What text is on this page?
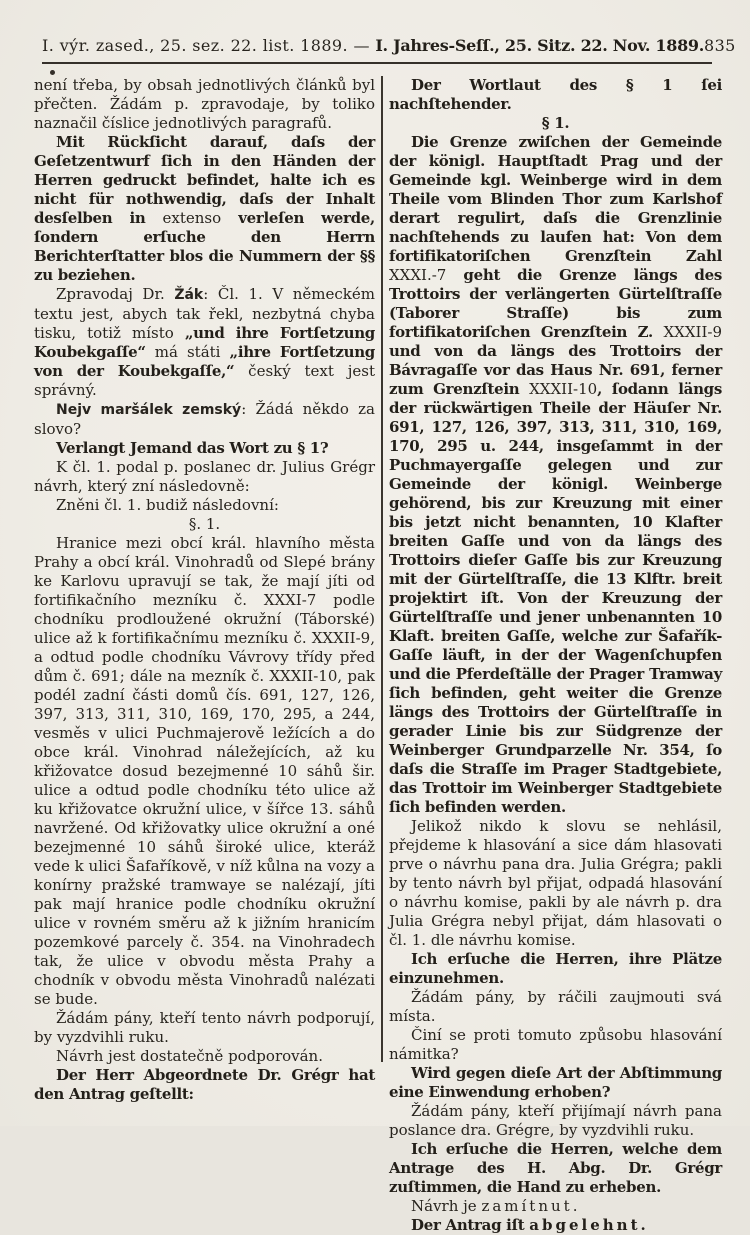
I. výr. zased., 25. sez. 22. list. 1889. — I. Jahres-Seſſ., 25. Sitz. 22. Nov. 1889. 835

není třeba, by obsah jednotlivých článků byl přečten. Žádám p. zpravodaje, by toliko naznačil číslice jednotlivých paragrafů.

Mit Rückſicht darauf, daſs der Geſetzentwurf ſich in den Händen der Herren gedruckt befindet, halte ich es nicht für nothwendig, daſs der Inhalt desſelben in extenso verleſen werde, ſondern erſuche den Herrn Berichterſtatter blos die Nummern der §§ zu beziehen.

Zpravodaj Dr. Žák: Čl. 1. V německém textu jest, abych tak řekl, nezbytná chyba tisku, totiž místo „und ihre Fortſetzung Koubekgaſſe“ má státi „ihre Fortſetzung von der Koubekgaſſe,“ český text jest správný.

Nejv maršálek zemský: Žádá někdo za slovo?

Verlangt Jemand das Wort zu § 1?

K čl. 1. podal p. poslanec dr. Julius Grégr návrh, který zní následovně:

Zněni čl. 1. budiž následovní:

§. 1.

Hranice mezi obcí král. hlavního města Prahy a obcí král. Vinohradů od Slepé brány ke Karlovu upravují se tak, že mají jíti od fortifikačního mezníku č. XXXI-7 podle chodníku prodloužené okružní (Táborské) ulice až k fortifikačnímu mezníku č. XXXII-9, a odtud podle chodníku Vávrovy třídy před dům č. 691; dále na mezník č. XXXII-10, pak podél zadní části domů čís. 691, 127, 126, 397, 313, 311, 310, 169, 170, 295, a 244, vesměs v ulici Puchmajerově ležících a do obce král. Vinohrad náležejících, až ku křižovatce dosud bezejmenné 10 sáhů šir. ulice a odtud podle chodníku této ulice až ku křižovatce okružní ulice, v šířce 13. sáhů navržené. Od křižovatky ulice okružní a oné bezejmenné 10 sáhů široké ulice, kteráž vede k ulici Šafaříkově, v níž kůlna na vozy a konírny pražské tramwaye se nalézají, jíti pak mají hranice podle chodníku okružní ulice v rovném směru až k jižním hranicím pozemkové parcely č. 354. na Vinohradech tak, že ulice v obvodu města Prahy a chodník v obvodu města Vinohradů nalézati se bude.

Žádám pány, kteří tento návrh podporují, by vyzdvihli ruku.

Návrh jest dostatečně podporován.

Der Herr Abgeordnete Dr. Grégr hat den Antrag geſtellt:

Der Wortlaut des § 1 ſei nachſtehender.

§ 1.

Die Grenze zwiſchen der Gemeinde der königl. Hauptſtadt Prag und der Gemeinde kgl. Weinberge wird in dem Theile vom Blinden Thor zum Karlshof derart regulirt, daſs die Grenzlinie nachſtehends zu laufen hat: Von dem fortifikatoriſchen Grenzſtein Zahl XXXI.-7 geht die Grenze längs des Trottoirs der verlängerten Gürtelſtraſſe (Taborer Straſſe) bis zum fortifikatoriſchen Grenzſtein Z. XXXII-9 und von da längs des Trottoirs der Bávragaſſe vor das Haus Nr. 691, ferner zum Grenzſtein XXXII-10, ſodann längs der rückwärtigen Theile der Häuſer Nr. 691, 127, 126, 397, 313, 311, 310, 169, 170, 295 u. 244, insgeſammt in der Puchmayergaſſe gelegen und zur Gemeinde der königl. Weinberge gehörend, bis zur Kreuzung mit einer bis jetzt nicht benannten, 10 Klafter breiten Gaſſe und von da längs des Trottoirs dieſer Gaſſe bis zur Kreuzung mit der Gürtelſtraſſe, die 13 Klftr. breit projektirt iſt. Von der Kreuzung der Gürtelſtraſſe und jener unbenannten 10 Klaft. breiten Gaſſe, welche zur Šafařík-Gaſſe läuft, in der der Wagenſchupfen und die Pferdeſtälle der Prager Tramway ſich befinden, geht weiter die Grenze längs des Trottoirs der Gürtelſtraſſe in gerader Linie bis zur Südgrenze der Weinberger Grundparzelle Nr. 354, ſo daſs die Straſſe im Prager Stadtgebiete, das Trottoir im Weinberger Stadtgebiete ſich befinden werden.

Jelikož nikdo k slovu se nehlásil, přejdeme k hlasování a sice dám hlasovati prve o návrhu pana dra. Julia Grégra; pakli by tento návrh byl přijat, odpadá hlasování o návrhu komise, pakli by ale návrh p. dra Julia Grégra nebyl přijat, dám hlasovati o čl. 1. dle návrhu komise.

Ich erſuche die Herren, ihre Plätze einzunehmen.

Žádám pány, by ráčili zaujmouti svá místa.

Činí se proti tomuto způsobu hlasování námitka?

Wird gegen dieſe Art der Abſtimmung eine Einwendung erhoben?

Žádám pány, kteří přijímají návrh pana poslance dra. Grégre, by vyzdvihli ruku.

Ich erſuche die Herren, welche dem Antrage des H. Abg. Dr. Grégr zuſtimmen, die Hand zu erheben.

Návrh je zamítnut.

Der Antrag iſt abgelehnt.
